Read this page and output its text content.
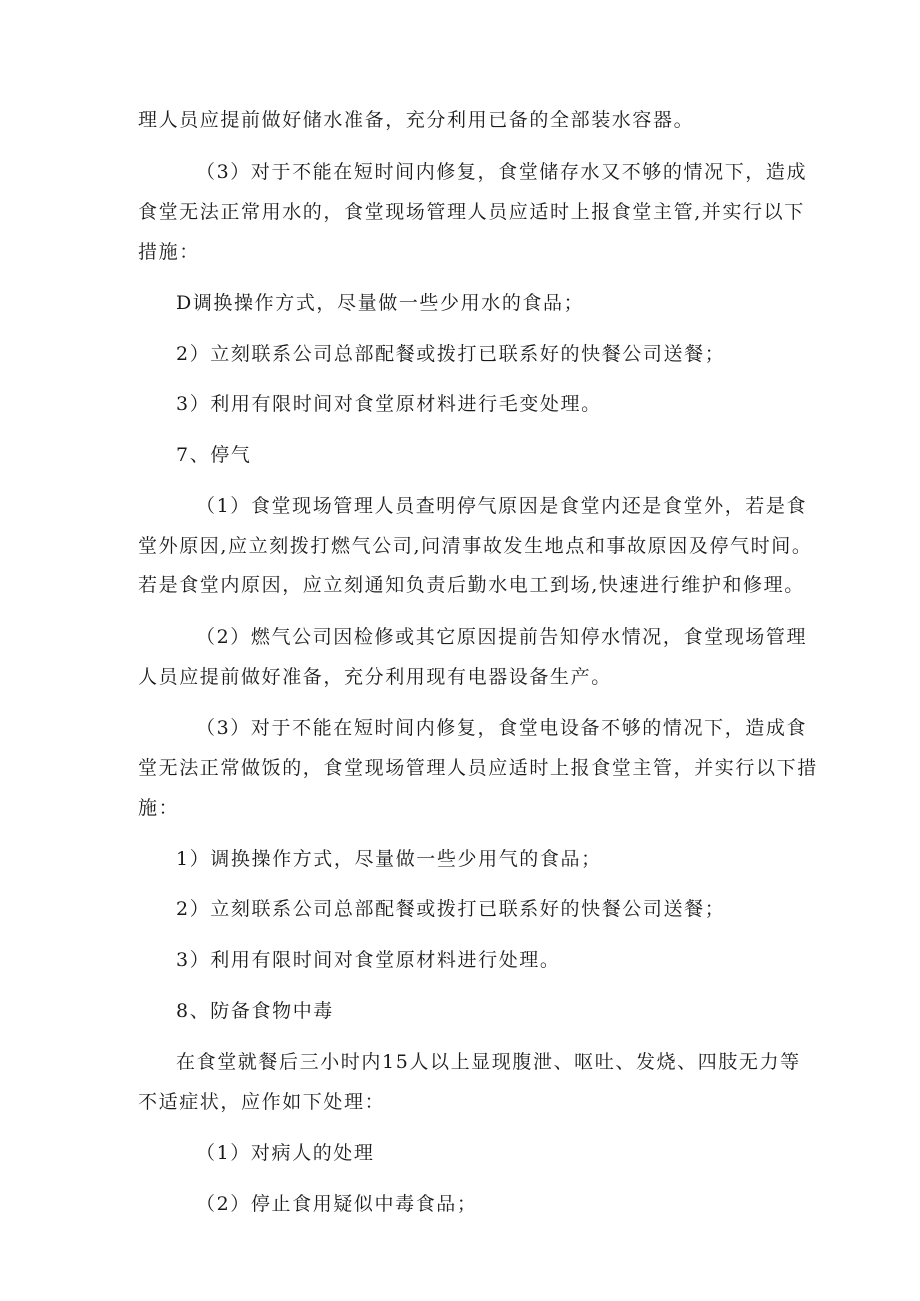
理人员应提前做好储水准备，充分利用已备的全部装水容器。
（3）对于不能在短时间内修复，食堂储存水又不够的情况下，造成
食堂无法正常用水的，食堂现场管理人员应适时上报食堂主管,并实行以下
措施：
D调换操作方式，尽量做一些少用水的食品；
2）立刻联系公司总部配餐或拨打已联系好的快餐公司送餐；
3）利用有限时间对食堂原材料进行毛变处理。
7、停气
（1）食堂现场管理人员查明停气原因是食堂内还是食堂外，若是食
堂外原因,应立刻拨打燃气公司,问清事故发生地点和事故原因及停气时间。
若是食堂内原因，应立刻通知负责后勤水电工到场,快速进行维护和修理。
（2）燃气公司因检修或其它原因提前告知停水情况，食堂现场管理
人员应提前做好准备，充分利用现有电器设备生产。
（3）对于不能在短时间内修复，食堂电设备不够的情况下，造成食
堂无法正常做饭的，食堂现场管理人员应适时上报食堂主管，并实行以下措
施：
1）调换操作方式，尽量做一些少用气的食品；
2）立刻联系公司总部配餐或拨打已联系好的快餐公司送餐；
3）利用有限时间对食堂原材料进行处理。
8、防备食物中毒
在食堂就餐后三小时内15人以上显现腹泄、呕吐、发烧、四肢无力等
不适症状，应作如下处理：
（1）对病人的处理
（2）停止食用疑似中毒食品；
